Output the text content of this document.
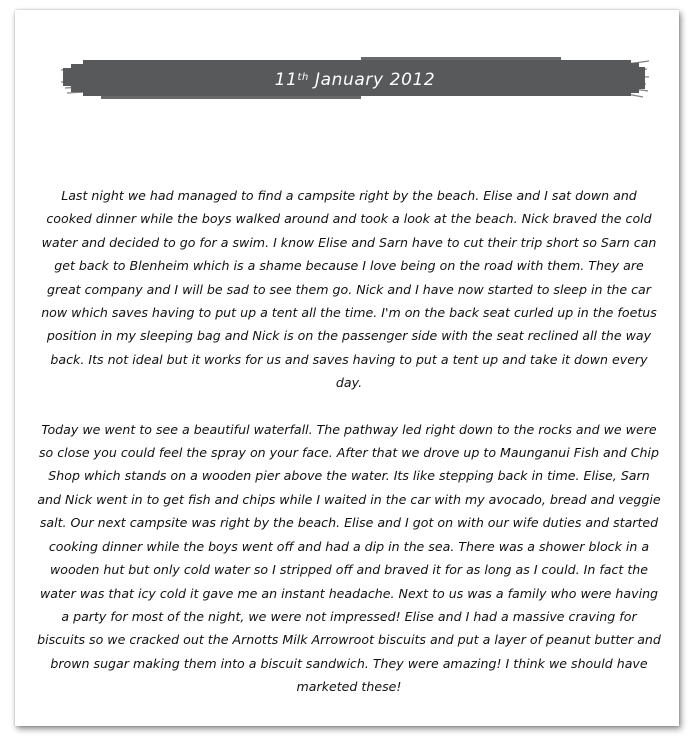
11th January 2012

Last night we had managed to find a campsite right by the beach. Elise and I sat down and cooked dinner while the boys walked around and took a look at the beach. Nick braved the cold water and decided to go for a swim. I know Elise and Sarn have to cut their trip short so Sarn can get back to Blenheim which is a shame because I love being on the road with them. They are great company and I will be sad to see them go. Nick and I have now started to sleep in the car now which saves having to put up a tent all the time. I'm on the back seat curled up in the foetus position in my sleeping bag and Nick is on the passenger side with the seat reclined all the way back. Its not ideal but it works for us and saves having to put a tent up and take it down every day.

Today we went to see a beautiful waterfall. The pathway led right down to the rocks and we were so close you could feel the spray on your face. After that we drove up to Maunganui Fish and Chip Shop which stands on a wooden pier above the water. Its like stepping back in time. Elise, Sarn and Nick went in to get fish and chips while I waited in the car with my avocado, bread and veggie salt. Our next campsite was right by the beach. Elise and I got on with our wife duties and started cooking dinner while the boys went off and had a dip in the sea. There was a shower block in a wooden hut but only cold water so I stripped off and braved it for as long as I could. In fact the water was that icy cold it gave me an instant headache. Next to us was a family who were having a party for most of the night, we were not impressed! Elise and I had a massive craving for biscuits so we cracked out the Arnotts Milk Arrowroot biscuits and put a layer of peanut butter and brown sugar making them into a biscuit sandwich. They were amazing! I think we should have marketed these!
